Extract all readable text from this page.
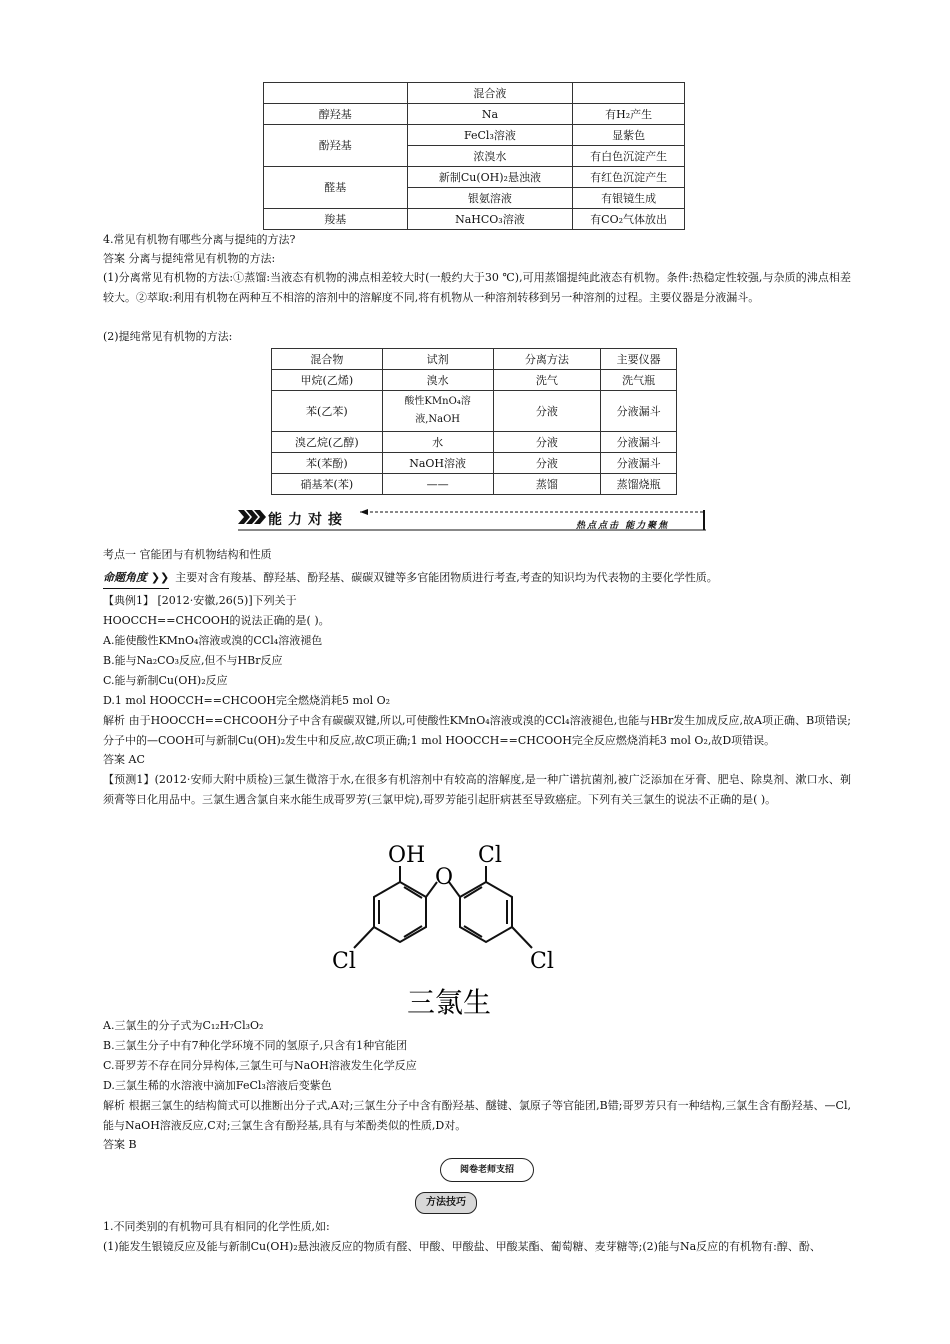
	混合液	
醇羟基	Na	有H₂产生
酚羟基	FeCl₃溶液	显紫色
	浓溴水	有白色沉淀产生
醛基	新制Cu(OH)₂悬浊液	有红色沉淀产生
	银氨溶液	有银镜生成
羧基	NaHCO₃溶液	有CO₂气体放出
4.常见有机物有哪些分离与提纯的方法?
答案 分离与提纯常见有机物的方法:
(1)分离常见有机物的方法:①蒸馏:当液态有机物的沸点相差较大时(一般约大于30 ℃),可用蒸馏提纯此液态有机物。条件:热稳定性较强,与杂质的沸点相差较大。②萃取:利用有机物在两种互不相溶的溶剂中的溶解度不同,将有机物从一种溶剂转移到另一种溶剂的过程。主要仪器是分液漏斗。
(2)提纯常见有机物的方法:
混合物	试剂	分离方法	主要仪器
甲烷(乙烯)	溴水	洗气	洗气瓶
苯(乙苯)	酸性KMnO₄溶液,NaOH	分液	分液漏斗
溴乙烷(乙醇)	水	分液	分液漏斗
苯(苯酚)	NaOH溶液	分液	分液漏斗
硝基苯(苯)	——	蒸馏	蒸馏烧瓶
能力对接	热点点击 能力聚焦
考点一 官能团与有机物结构和性质
命题角度 ❯❯ 主要对含有羧基、醇羟基、酚羟基、碳碳双键等多官能团物质进行考查,考查的知识均为代表物的主要化学性质。
【典例1】 [2012·安徽,26(5)]下列关于
HOOCCH==CHCOOH的说法正确的是( )。
A.能使酸性KMnO₄溶液或溴的CCl₄溶液褪色
B.能与Na₂CO₃反应,但不与HBr反应
C.能与新制Cu(OH)₂反应
D.1 mol HOOCCH==CHCOOH完全燃烧消耗5 mol O₂
解析 由于HOOCCH==CHCOOH分子中含有碳碳双键,所以,可使酸性KMnO₄溶液或溴的CCl₄溶液褪色,也能与HBr发生加成反应,故A项正确、B项错误;分子中的—COOH可与新制Cu(OH)₂发生中和反应,故C项正确;1 mol HOOCCH==CHCOOH完全反应燃烧消耗3 mol O₂,故D项错误。
答案 AC
【预测1】(2012·安师大附中质检)三氯生微溶于水,在很多有机溶剂中有较高的溶解度,是一种广谱抗菌剂,被广泛添加在牙膏、肥皂、除臭剂、漱口水、剃须膏等日化用品中。三氯生遇含氯自来水能生成哥罗芳(三氯甲烷),哥罗芳能引起肝病甚至导致癌症。下列有关三氯生的说法不正确的是( )。
OH
O
Cl
Cl	Cl
三氯生
A.三氯生的分子式为C₁₂H₇Cl₃O₂
B.三氯生分子中有7种化学环境不同的氢原子,只含有1种官能团
C.哥罗芳不存在同分异构体,三氯生可与NaOH溶液发生化学反应
D.三氯生稀的水溶液中滴加FeCl₃溶液后变紫色
解析 根据三氯生的结构简式可以推断出分子式,A对;三氯生分子中含有酚羟基、醚键、氯原子等官能团,B错;哥罗芳只有一种结构,三氯生含有酚羟基、—Cl,能与NaOH溶液反应,C对;三氯生含有酚羟基,具有与苯酚类似的性质,D对。
答案 B
阅卷老师支招
方法技巧
1.不同类别的有机物可具有相同的化学性质,如:
(1)能发生银镜反应及能与新制Cu(OH)₂悬浊液反应的物质有醛、甲酸、甲酸盐、甲酸某酯、葡萄糖、麦芽糖等;(2)能与Na反应的有机物有:醇、酚、
